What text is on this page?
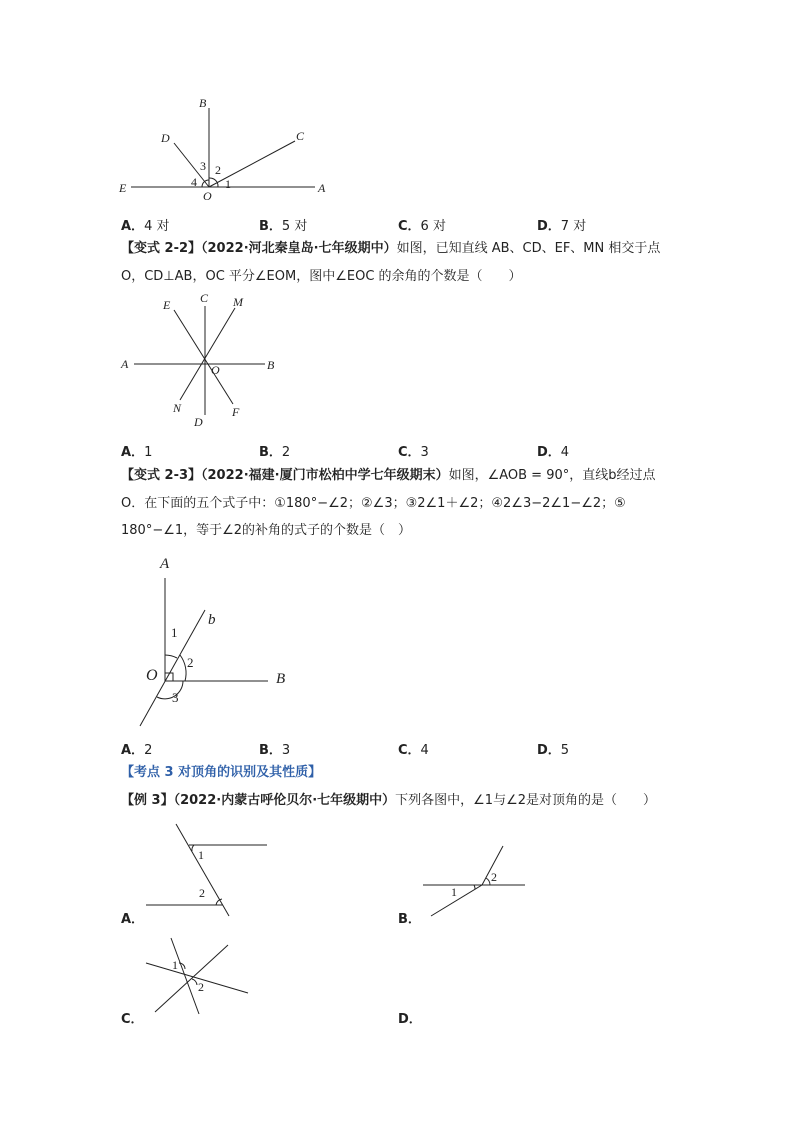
B
D	C
E	A
O
3 2
4 1
A．4 对	B．5 对	C．6 对	D．7 对
【变式 2-2】（2022·河北秦皇岛·七年级期中）如图，已知直线 AB、CD、EF、MN 相交于点
O，CD⊥AB，OC 平分∠EOM，图中∠EOC 的余角的个数是（　　）
E C M
A	B
O
N
D
F
A．1	B．2	C．3	D．4
【变式 2-3】（2022·福建·厦门市松柏中学七年级期末）如图，∠AOB = 90°，直线b经过点
O．在下面的五个式子中：①180°−∠2；②∠3；③2∠1＋∠2；④2∠3−2∠1−∠2；⑤
180°−∠1，等于∠2的补角的式子的个数是（　）
A
b
1
2
O	B
3
A．2	B．3	C．4	D．5
【考点 3 对顶角的识别及其性质】
【例 3】（2022·内蒙古呼伦贝尔·七年级期中）下列各图中，∠1与∠2是对顶角的是（　　）
1
2	1
2
1
2
A．	B．
C．	D．
